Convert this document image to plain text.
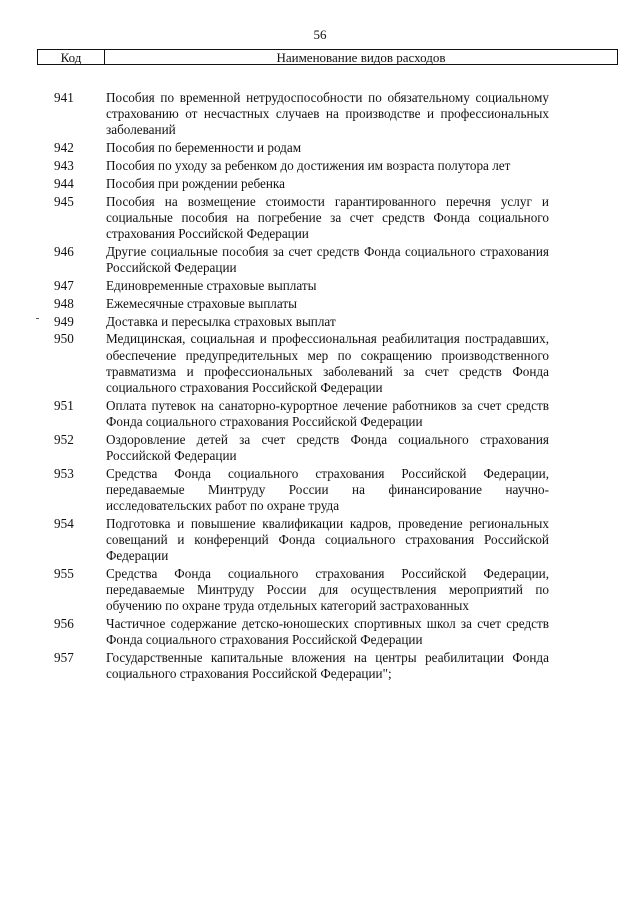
56
Код	Наименование видов расходов
941	Пособия по временной нетрудоспособности по обязательному социальному страхованию от несчастных случаев на производстве и профессиональных заболеваний
942	Пособия по беременности и родам
943	Пособия по уходу за ребенком до достижения им возраста полутора лет
944	Пособия при рождении ребенка
945	Пособия на возмещение стоимости гарантированного перечня услуг и социальные пособия на погребение за счет средств Фонда социального страхования Российской Федерации
946	Другие социальные пособия за счет средств Фонда социального страхования Российской Федерации
947	Единовременные страховые выплаты
948	Ежемесячные страховые выплаты
949	Доставка и пересылка страховых выплат
950	Медицинская, социальная и профессиональная реабилитация пострадавших, обеспечение предупредительных мер по сокращению производственного травматизма и профессиональных заболеваний за счет средств Фонда социального страхования Российской Федерации
951	Оплата путевок на санаторно-курортное лечение работников за счет средств Фонда социального страхования Российской Федерации
952	Оздоровление детей за счет средств Фонда социального страхования Российской Федерации
953	Средства Фонда социального страхования Российской Федерации, передаваемые Минтруду России на финансирование научно-исследовательских работ по охране труда
954	Подготовка и повышение квалификации кадров, проведение региональных совещаний и конференций Фонда социального страхования Российской Федерации
955	Средства Фонда социального страхования Российской Федерации, передаваемые Минтруду России для осуществления мероприятий по обучению по охране труда отдельных категорий застрахованных
956	Частичное содержание детско-юношеских спортивных школ за счет средств Фонда социального страхования Российской Федерации
957	Государственные капитальные вложения на центры реабилитации Фонда социального страхования Российской Федерации";
